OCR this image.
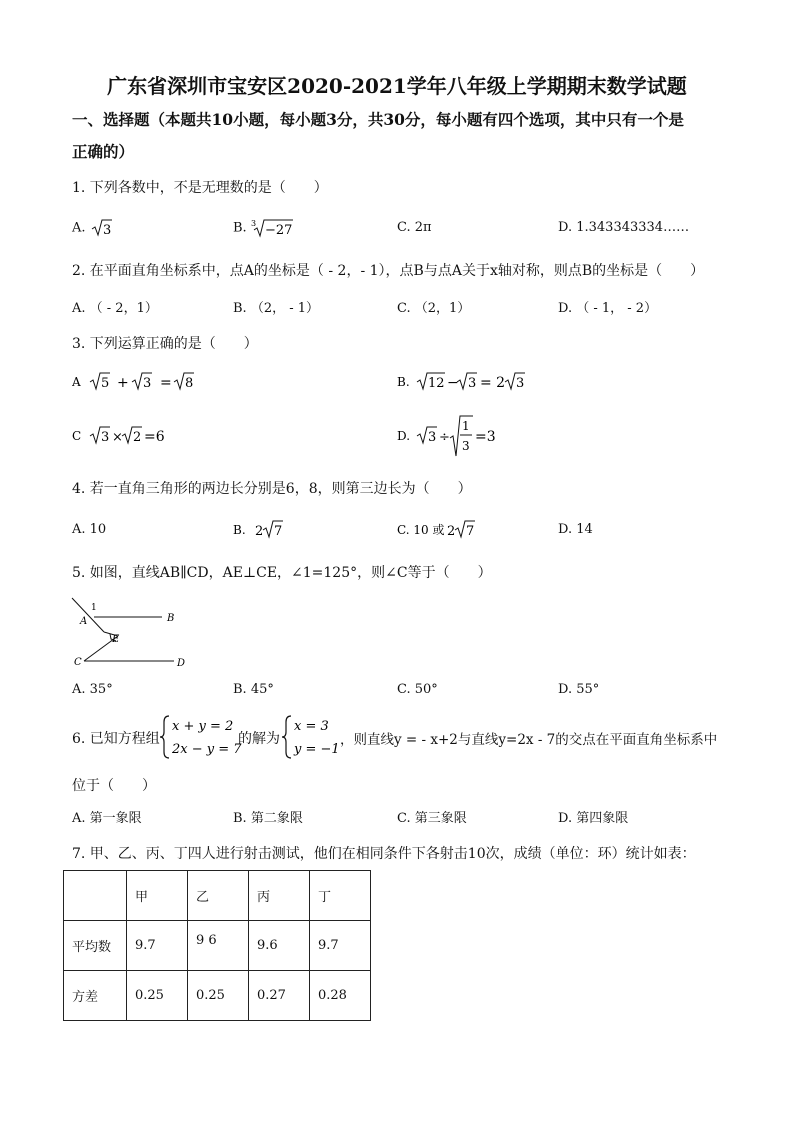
广东省深圳市宝安区2020-2021学年八年级上学期期末数学试题
一、选择题（本题共10小题，每小题3分，共30分，每小题有四个选项，其中只有一个是
正确的）
1. 下列各数中，不是无理数的是（　　）
A. 3	B. 3 −27	C. 2π	D. 1.343343334……
2. 在平面直角坐标系中，点A的坐标是（ - 2，- 1），点B与点A关于x轴对称，则点B的坐标是（　　）
A. （ - 2，1）	B. （2， - 1）	C. （2，1）	D. （ - 1， - 2）
3. 下列运算正确的是（　　）
A 5 + 3 = 8	B. 12 − 3 = 2 3
C 3 × 2 =6	D. 3 ÷
1
3
=3
4. 若一直角三角形的两边长分别是6，8，则第三边长为（　　）
A. 10	B. 2 7	C. 10 或 2 7	D. 14
5. 如图，直线AB∥CD，AE⊥CE，∠1=125°，则∠C等于（　　）
1
A	B
E
C	D
A. 35°	B. 45°	C. 50°	D. 55°
6. 已知方程组
x + y = 2
2x − y = 7
的解为
x = 3
y = −1
，则直线y = - x+2与直线y=2x - 7的交点在平面直角坐标系中
位于（　　）
A. 第一象限	B. 第二象限	C. 第三象限	D. 第四象限
7. 甲、乙、丙、丁四人进行射击测试，他们在相同条件下各射击10次，成绩（单位：环）统计如表：
	甲	乙	丙	丁
平均数	9.7	9 6	9.6	9.7
方差	0.25	0.25	0.27	0.28
